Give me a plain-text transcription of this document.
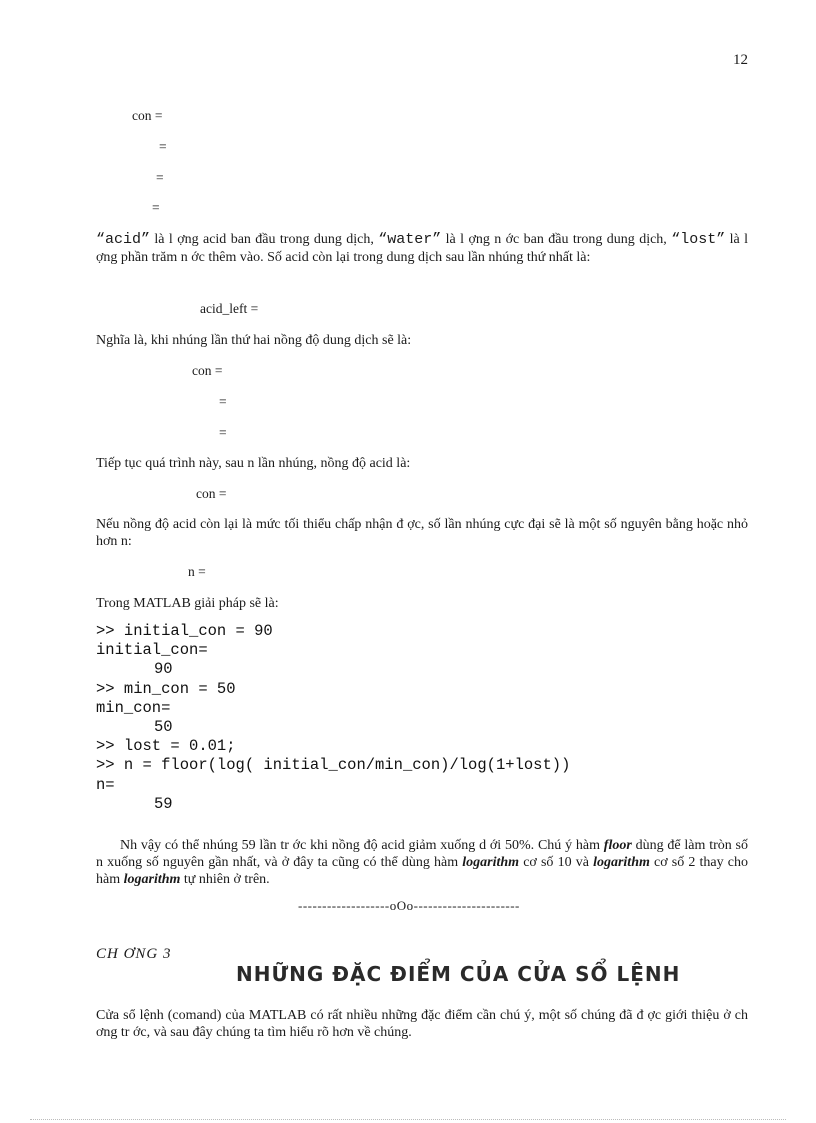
12
con =
=
=
=
“acid” là l ợng acid ban đầu trong dung dịch, “water” là l ợng n ớc ban đầu trong dung dịch, “lost” là l ợng phần trăm n ớc thêm vào. Số acid còn lại trong dung dịch sau lần nhúng thứ nhất là:
acid_left =
Nghĩa là, khi nhúng lần thứ hai nồng độ dung dịch sẽ là:
con =
=
=
Tiếp tục quá trình này, sau n lần nhúng, nồng độ acid là:
con =
Nếu nồng độ acid còn lại là mức tối thiểu chấp nhận đ ợc, số lần nhúng cực đại sẽ là một số nguyên bằng hoặc nhỏ hơn n:
n =
Trong MATLAB giải pháp sẽ là:
>> initial_con = 90
initial_con=
90
>> min_con = 50
min_con=
50
>> lost = 0.01;
>> n = floor(log( initial_con/min_con)/log(1+lost))
n=
59
Nh vậy có thể nhúng 59 lần tr ớc khi nồng độ acid giảm xuống d ới 50%. Chú ý hàm floor dùng để làm tròn số n xuống số nguyên gần nhất, và ở đây ta cũng có thể dùng hàm logarithm cơ số 10 và logarithm cơ số 2 thay cho hàm logarithm tự nhiên ở trên.
-------------------oOo----------------------
CH ƠNG 3
NHỮNG ĐẶC ĐIỂM CỦA CỬA SỔ LỆNH
Cửa sổ lệnh (comand) của MATLAB có rất nhiều những đặc điểm cần chú ý, một số chúng đã đ ợc giới thiệu ở ch ơng tr ớc, và sau đây chúng ta tìm hiểu rõ hơn về chúng.
